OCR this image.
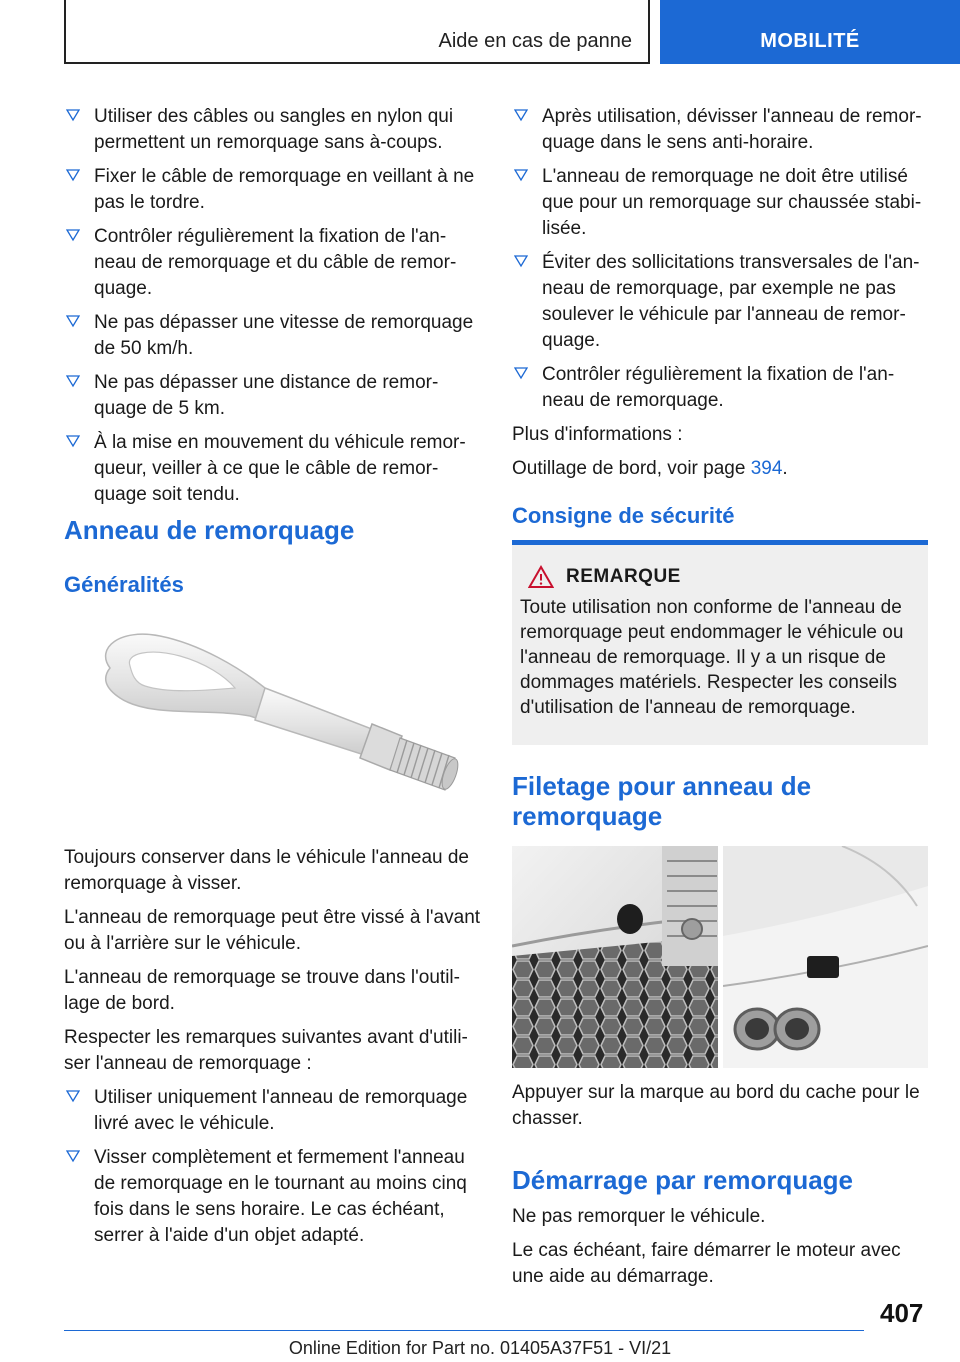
Aide en cas de panne	MOBILITÉ
Utiliser des câbles ou sangles en nylon qui permettent un remorquage sans à-coups.
Fixer le câble de remorquage en veillant à ne pas le tordre.
Contrôler régulièrement la fixation de l'anneau de remorquage et du câble de remorquage.
Ne pas dépasser une vitesse de remorquage de 50 km/h.
Ne pas dépasser une distance de remorquage de 5 km.
À la mise en mouvement du véhicule remorqueur, veiller à ce que le câble de remorquage soit tendu.
Anneau de remorquage
Généralités

Toujours conserver dans le véhicule l'anneau de remorquage à visser.

L'anneau de remorquage peut être vissé à l'avant ou à l'arrière sur le véhicule.

L'anneau de remorquage se trouve dans l'outillage de bord.

Respecter les remarques suivantes avant d'utiliser l'anneau de remorquage :

Utiliser uniquement l'anneau de remorquage livré avec le véhicule.
Visser complètement et fermement l'anneau de remorquage en le tournant au moins cinq fois dans le sens horaire. Le cas échéant, serrer à l'aide d'un objet adapté.
Après utilisation, dévisser l'anneau de remorquage dans le sens anti-horaire.
L'anneau de remorquage ne doit être utilisé que pour un remorquage sur chaussée stabilisée.
Éviter des sollicitations transversales de l'anneau de remorquage, par exemple ne pas soulever le véhicule par l'anneau de remorquage.
Contrôler régulièrement la fixation de l'anneau de remorquage.

Plus d'informations :

Outillage de bord, voir page 394.

Consigne de sécurité
REMARQUE

Toute utilisation non conforme de l'anneau de remorquage peut endommager le véhicule ou l'anneau de remorquage. Il y a un risque de dommages matériels. Respecter les conseils d'utilisation de l'anneau de remorquage.

Filetage pour anneau de remorquage

Appuyer sur la marque au bord du cache pour le chasser.

Démarrage par remorquage

Ne pas remorquer le véhicule.

Le cas échéant, faire démarrer le moteur avec une aide au démarrage.

407
Online Edition for Part no. 01405A37F51 - VI/21
